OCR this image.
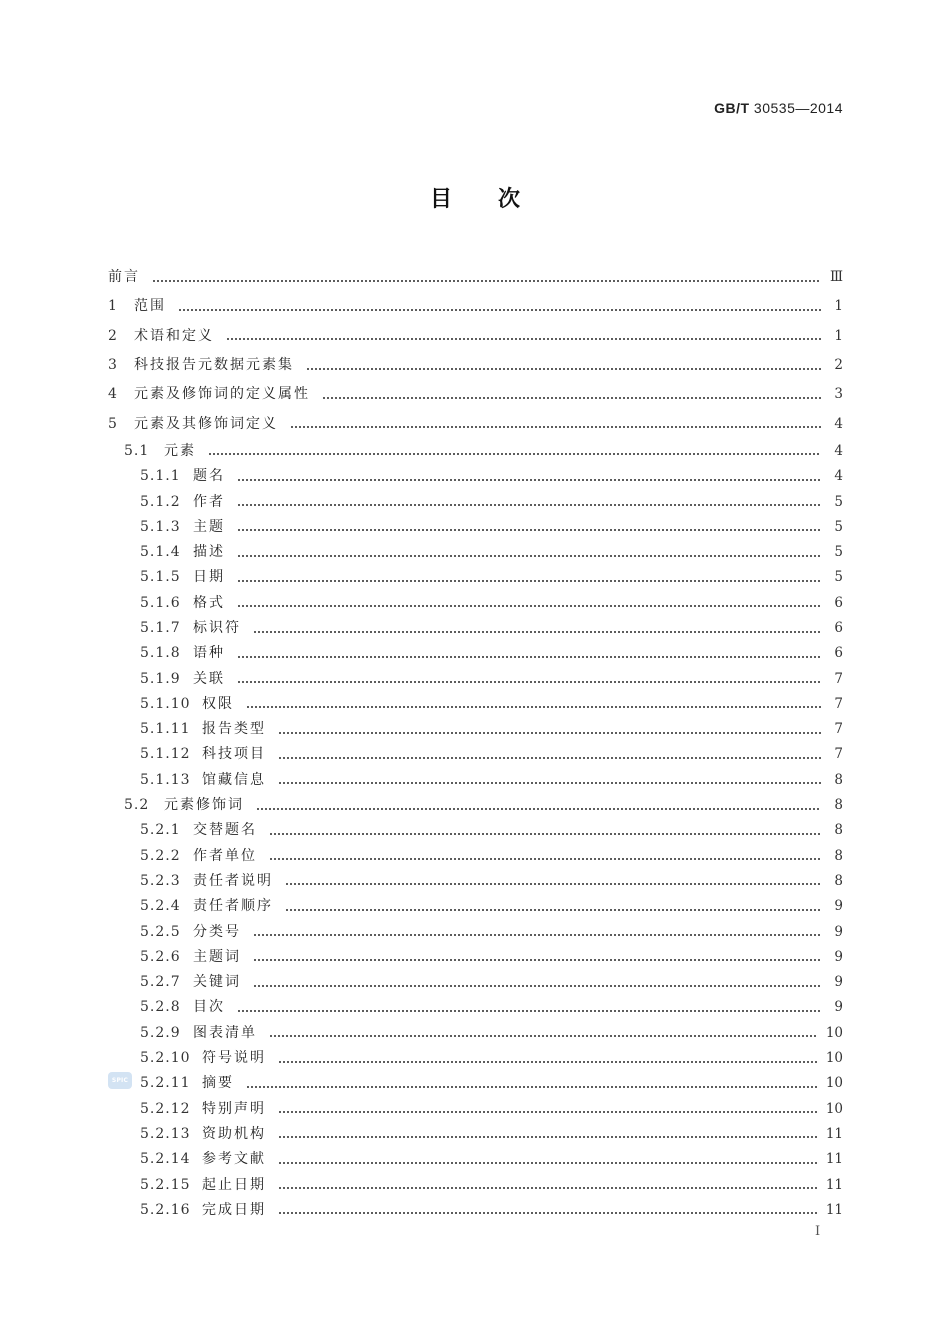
GB/T 30535—2014
目次
前言	Ⅲ
1	范围	1
2	术语和定义	1
3	科技报告元数据元素集	2
4	元素及修饰词的定义属性	3
5	元素及其修饰词定义	4
5.1	元素	4
5.1.1 题名	4
5.1.2 作者	5
5.1.3 主题	5
5.1.4 描述	5
5.1.5 日期	5
5.1.6 格式	6
5.1.7 标识符	6
5.1.8 语种	6
5.1.9 关联	7
5.1.10 权限	7
5.1.11 报告类型	7
5.1.12 科技项目	7
5.1.13 馆藏信息	8
5.2	元素修饰词	8
5.2.1 交替题名	8
5.2.2 作者单位	8
5.2.3 责任者说明	8
5.2.4 责任者顺序	9
5.2.5 分类号	9
5.2.6 主题词	9
5.2.7 关键词	9
5.2.8 目次	9
5.2.9 图表清单	10
5.2.10 符号说明	10
5.2.11 摘要	10
5.2.12 特别声明	10
5.2.13 资助机构	11
5.2.14 参考文献	11
5.2.15 起止日期	11
5.2.16 完成日期	11
SPIC
I
